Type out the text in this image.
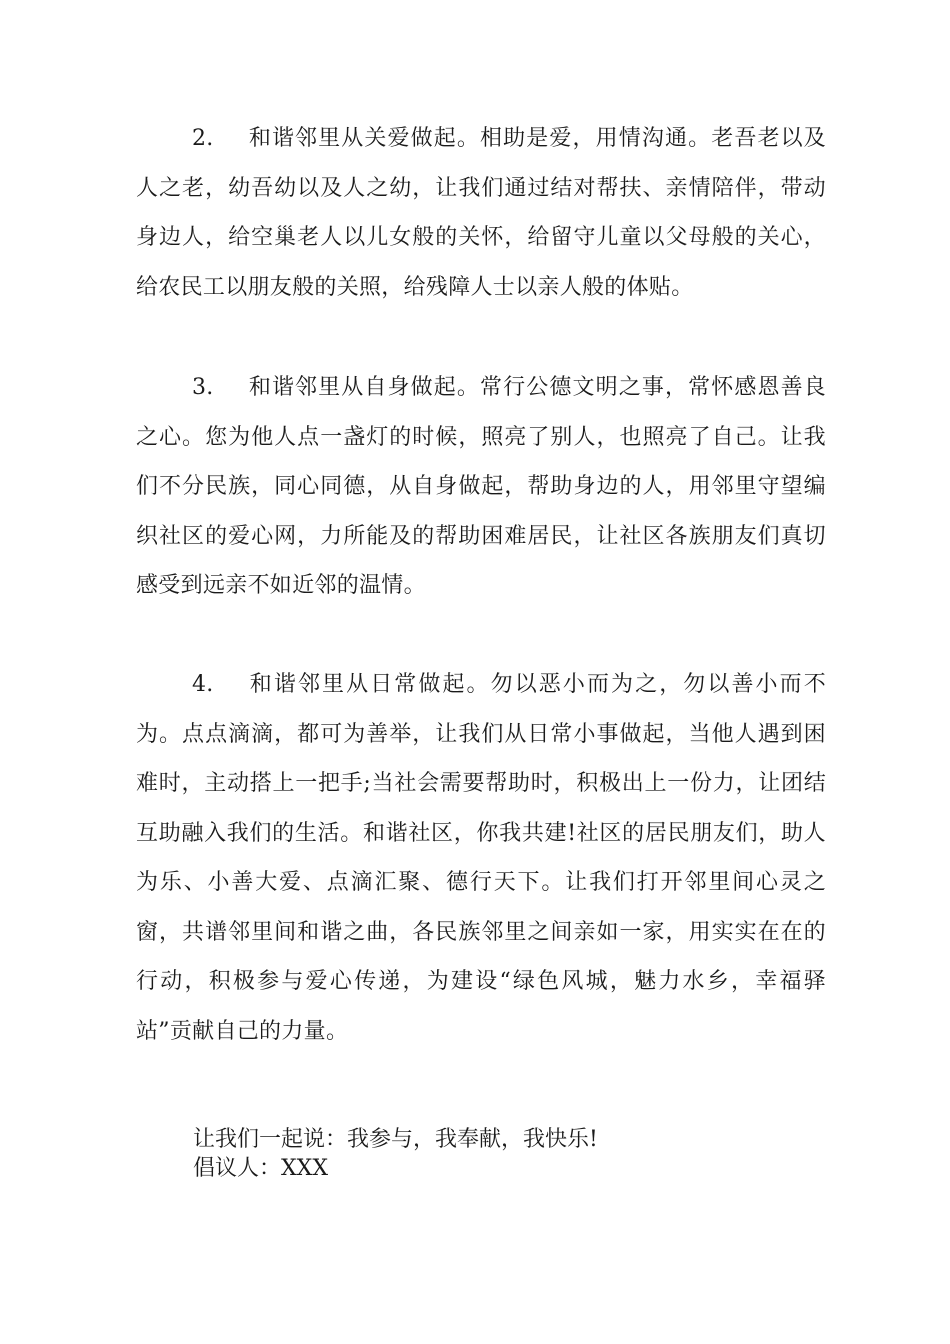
2. 和谐邻里从关爱做起。相助是爱，用情沟通。老吾老以及人之老，幼吾幼以及人之幼，让我们通过结对帮扶、亲情陪伴，带动身边人，给空巢老人以儿女般的关怀，给留守儿童以父母般的关心，给农民工以朋友般的关照，给残障人士以亲人般的体贴。

3. 和谐邻里从自身做起。常行公德文明之事，常怀感恩善良之心。您为他人点一盏灯的时候，照亮了别人，也照亮了自己。让我们不分民族，同心同德，从自身做起，帮助身边的人，用邻里守望编织社区的爱心网，力所能及的帮助困难居民，让社区各族朋友们真切感受到远亲不如近邻的温情。

4. 和谐邻里从日常做起。勿以恶小而为之，勿以善小而不为。点点滴滴，都可为善举，让我们从日常小事做起，当他人遇到困难时，主动搭上一把手;当社会需要帮助时，积极出上一份力，让团结互助融入我们的生活。和谐社区，你我共建!社区的居民朋友们，助人为乐、小善大爱、点滴汇聚、德行天下。让我们打开邻里间心灵之窗，共谱邻里间和谐之曲，各民族邻里之间亲如一家，用实实在在的行动，积极参与爱心传递，为建设“绿色风城，魅力水乡，幸福驿站”贡献自己的力量。

让我们一起说：我参与，我奉献，我快乐!

倡议人：XXX
